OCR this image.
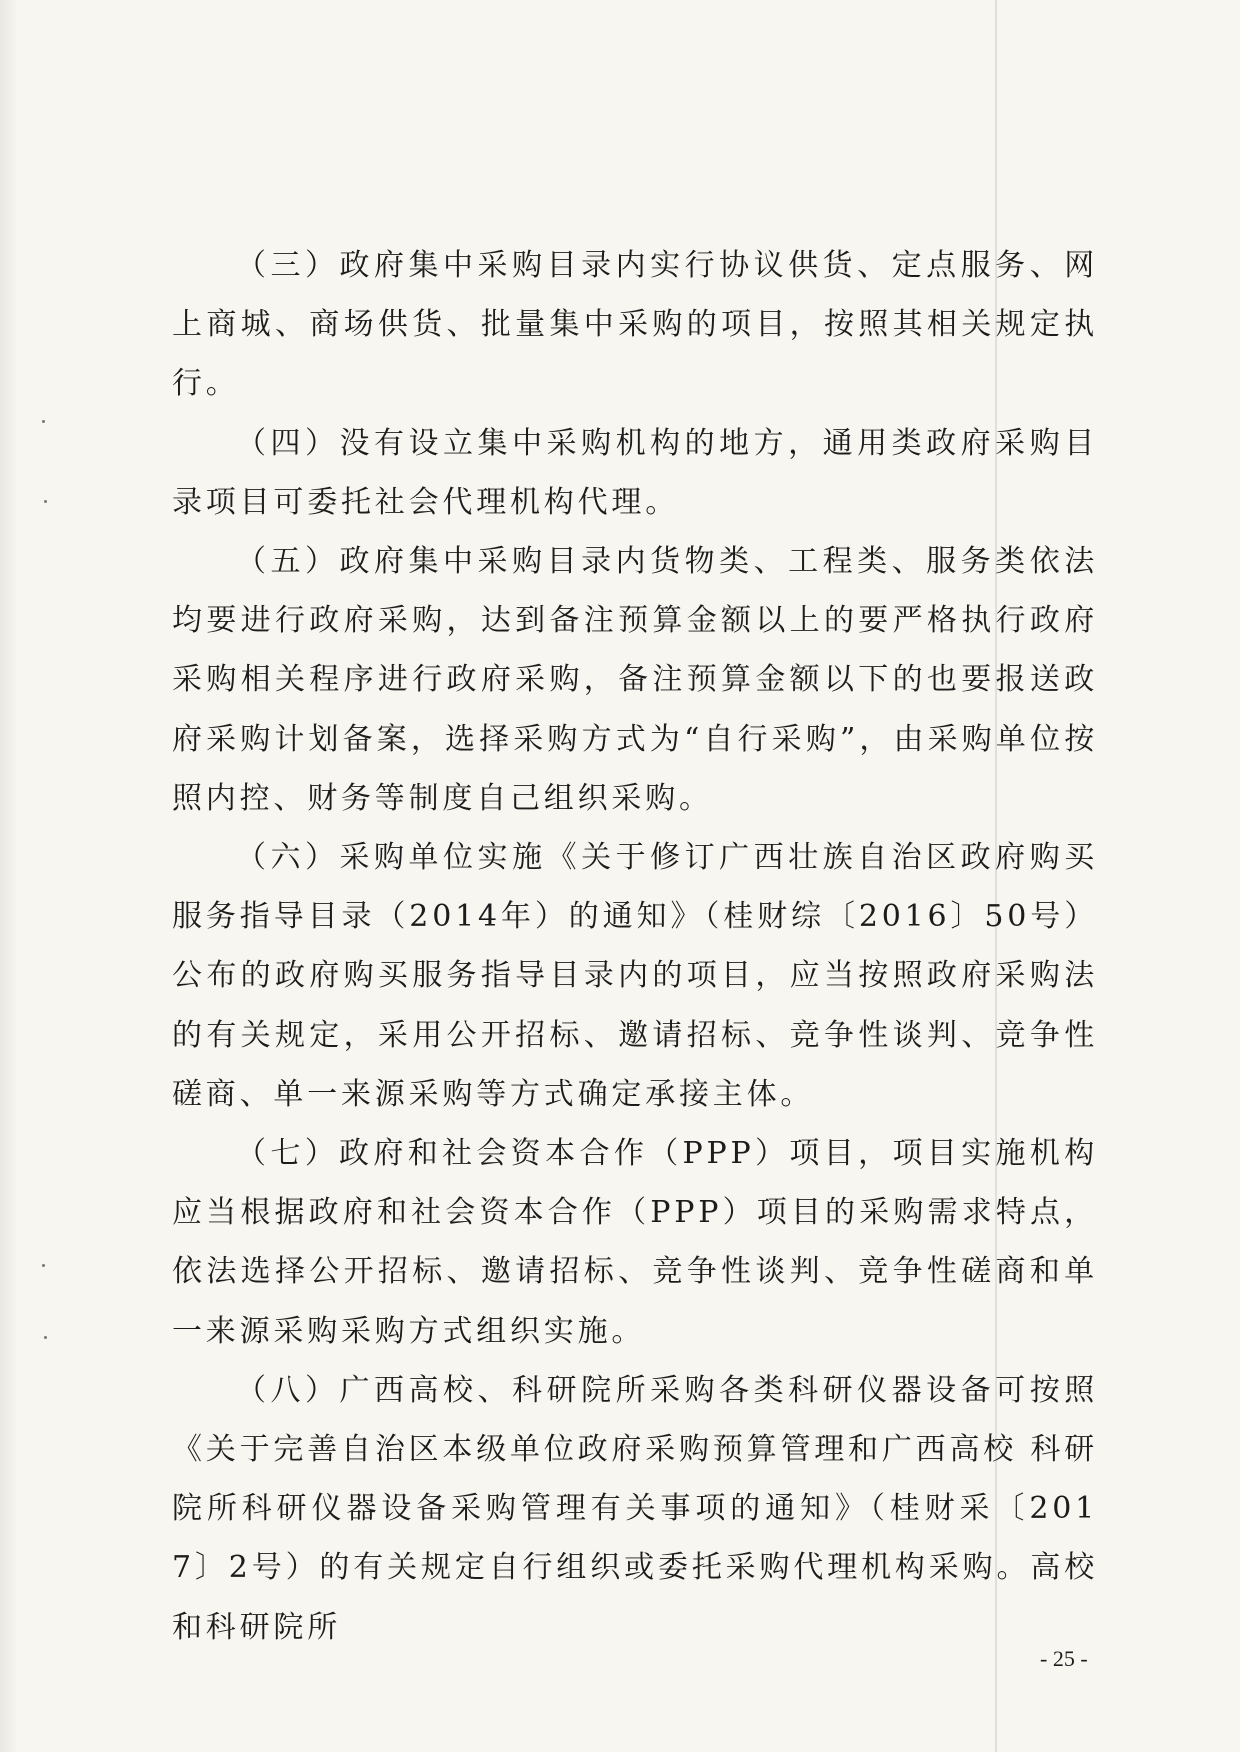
（三）政府集中采购目录内实行协议供货、定点服务、网上商城、商场供货、批量集中采购的项目，按照其相关规定执行。

（四）没有设立集中采购机构的地方，通用类政府采购目录项目可委托社会代理机构代理。

（五）政府集中采购目录内货物类、工程类、服务类依法均要进行政府采购，达到备注预算金额以上的要严格执行政府采购相关程序进行政府采购，备注预算金额以下的也要报送政府采购计划备案，选择采购方式为“自行采购”，由采购单位按照内控、财务等制度自己组织采购。

（六）采购单位实施《关于修订广西壮族自治区政府购买服务指导目录（2014年）的通知》（桂财综〔2016〕50号）公布的政府购买服务指导目录内的项目，应当按照政府采购法的有关规定，采用公开招标、邀请招标、竞争性谈判、竞争性磋商、单一来源采购等方式确定承接主体。

（七）政府和社会资本合作（PPP）项目，项目实施机构应当根据政府和社会资本合作（PPP）项目的采购需求特点，依法选择公开招标、邀请招标、竞争性谈判、竞争性磋商和单一来源采购采购方式组织实施。

（八）广西高校、科研院所采购各类科研仪器设备可按照《关于完善自治区本级单位政府采购预算管理和广西高校 科研院所科研仪器设备采购管理有关事项的通知》（桂财采〔2017〕2号）的有关规定自行组织或委托采购代理机构采购。高校和科研院所

- 25 -
